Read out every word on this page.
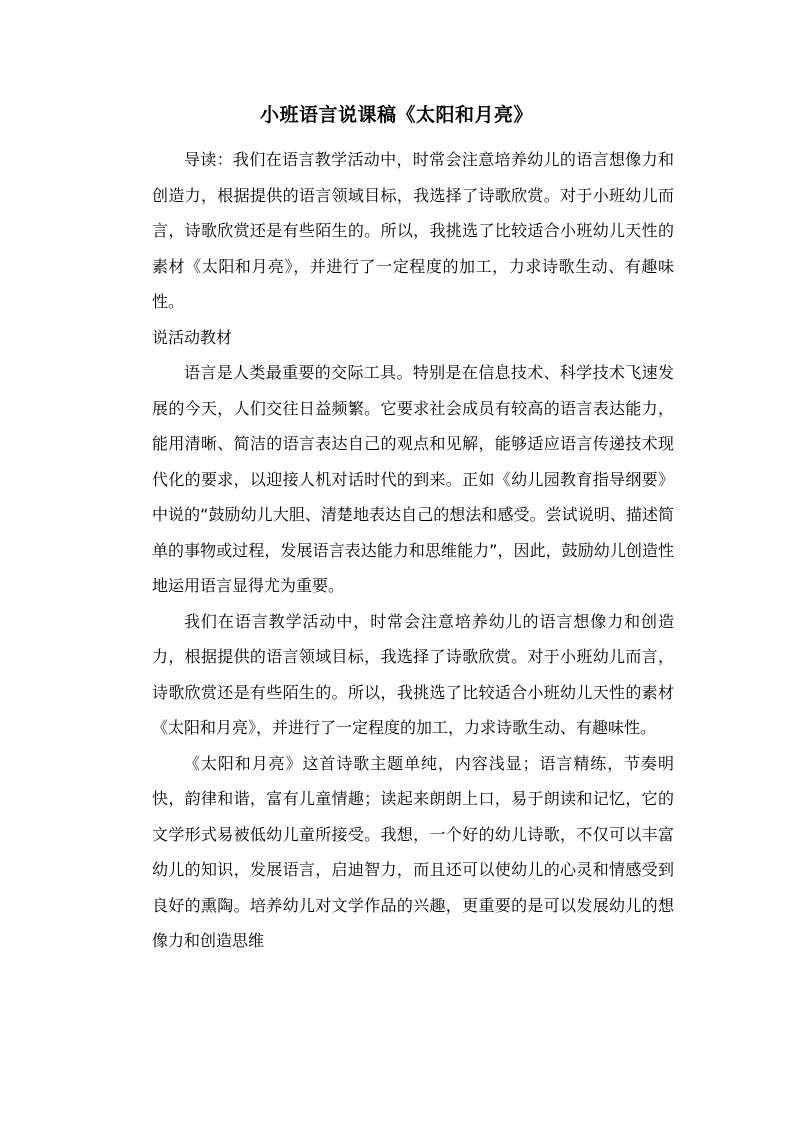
小班语言说课稿《太阳和月亮》

导读：我们在语言教学活动中，时常会注意培养幼儿的语言想像力和创造力，根据提供的语言领域目标，我选择了诗歌欣赏。对于小班幼儿而言，诗歌欣赏还是有些陌生的。所以，我挑选了比较适合小班幼儿天性的素材《太阳和月亮》，并进行了一定程度的加工，力求诗歌生动、有趣味性。

说活动教材

语言是人类最重要的交际工具。特别是在信息技术、科学技术飞速发展的今天，人们交往日益频繁。它要求社会成员有较高的语言表达能力，能用清晰、简洁的语言表达自己的观点和见解，能够适应语言传递技术现代化的要求，以迎接人机对话时代的到来。正如《幼儿园教育指导纲要》中说的“鼓励幼儿大胆、清楚地表达自己的想法和感受。尝试说明、描述简单的事物或过程，发展语言表达能力和思维能力”，因此，鼓励幼儿创造性地运用语言显得尤为重要。

我们在语言教学活动中，时常会注意培养幼儿的语言想像力和创造力，根据提供的语言领域目标，我选择了诗歌欣赏。对于小班幼儿而言，诗歌欣赏还是有些陌生的。所以，我挑选了比较适合小班幼儿天性的素材《太阳和月亮》，并进行了一定程度的加工，力求诗歌生动、有趣味性。

《太阳和月亮》这首诗歌主题单纯，内容浅显；语言精练，节奏明快，韵律和谐，富有儿童情趣；读起来朗朗上口，易于朗读和记忆，它的文学形式易被低幼儿童所接受。我想，一个好的幼儿诗歌，不仅可以丰富幼儿的知识，发展语言，启迪智力，而且还可以使幼儿的心灵和情感受到良好的熏陶。培养幼儿对文学作品的兴趣，更重要的是可以发展幼儿的想像力和创造思维
